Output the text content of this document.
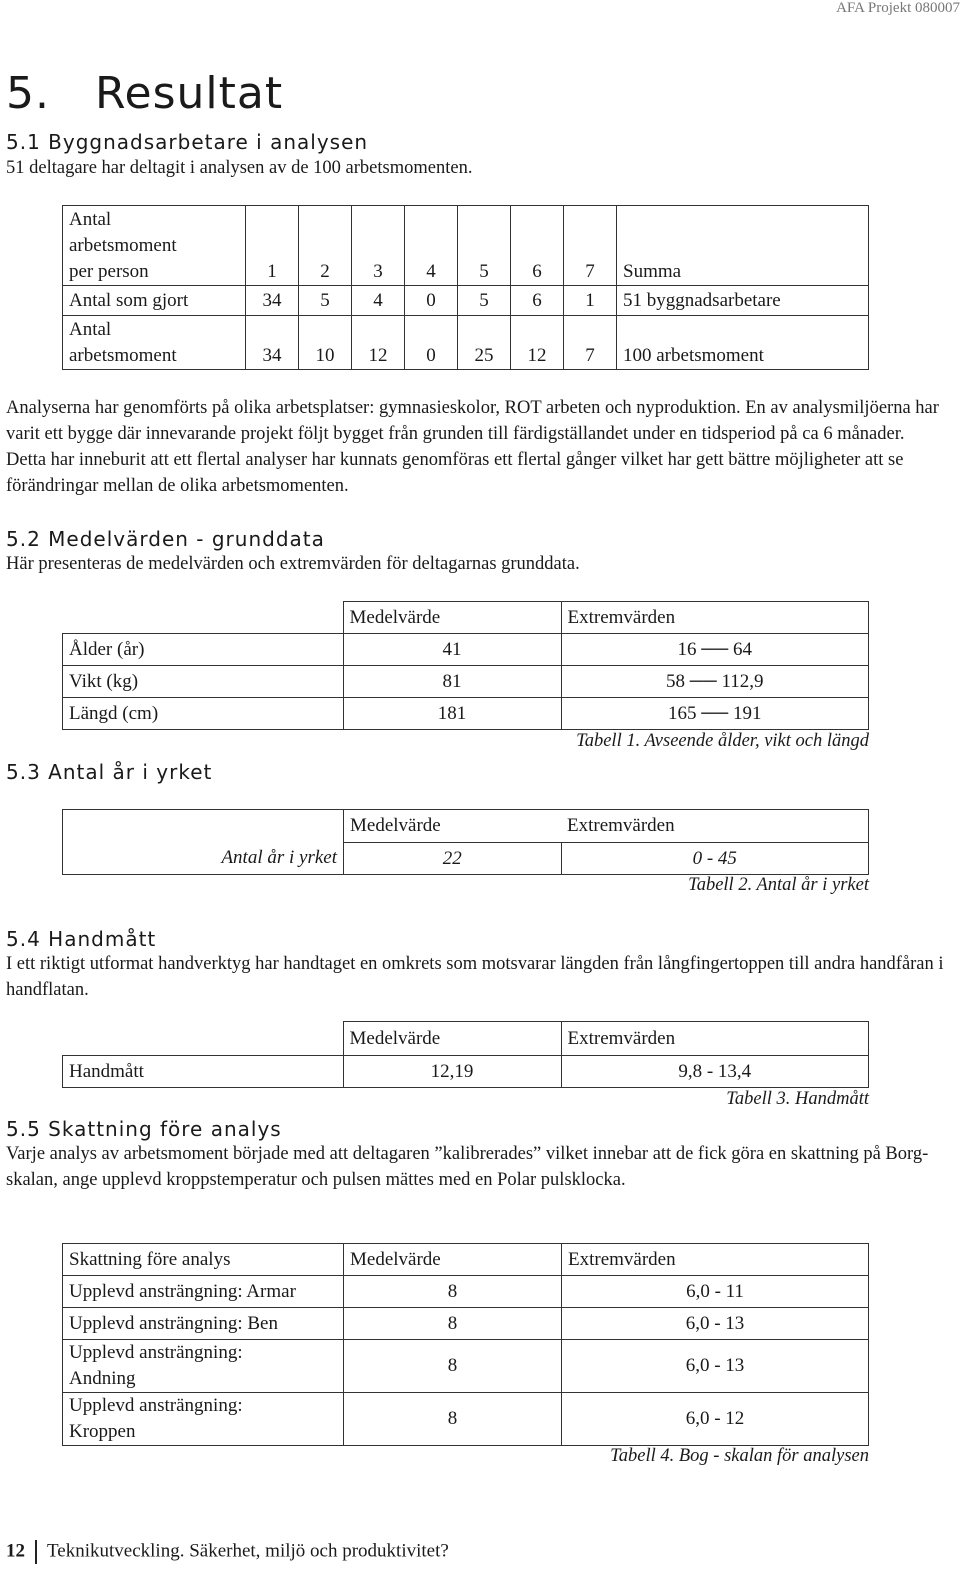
AFA Projekt 080007
5.   Resultat
5.1 Byggnadsarbetare i analysen
51 deltagare har deltagit i analysen av de 100 arbetsmomenten.
Antal
arbetsmoment
per person	1	2	3	4	5	6	7	Summa
Antal som gjort	34	5	4	0	5	6	1	51 byggnadsarbetare
Antal
arbetsmoment	34	10	12	0	25	12	7	100 arbetsmoment
Analyserna har genomförts på olika arbetsplatser: gymnasieskolor, ROT arbeten och nyproduktion. En av analysmiljöerna har varit ett bygge där innevarande projekt följt bygget från grunden till färdigställandet under en tidsperiod på ca 6 månader. Detta har inneburit att ett flertal analyser har kunnats genomföras ett flertal gånger vilket har gett bättre möjligheter att se förändringar mellan de olika arbetsmomenten.
5.2 Medelvärden - grunddata
Här presenteras de medelvärden och extremvärden för deltagarnas grunddata.
	Medelvärde	Extremvärden
Ålder (år)	41	16 ── 64
Vikt (kg)	81	58 ── 112,9
Längd (cm)	181	165 ── 191
Tabell 1. Avseende ålder, vikt och längd
5.3 Antal år i yrket
	Medelvärde	Extremvärden
Antal år i yrket	22	0 - 45
Tabell 2. Antal år i yrket
5.4 Handmått
I ett riktigt utformat handverktyg har handtaget en omkrets som motsvarar längden från långfingertoppen till andra handfåran i handflatan.
	Medelvärde	Extremvärden
Handmått	12,19	9,8 - 13,4
Tabell 3. Handmått
5.5 Skattning före analys
Varje analys av arbetsmoment började med att deltagaren ”kalibrerades” vilket innebar att de fick göra en skattning på Borg-skalan, ange upplevd kroppstemperatur och pulsen mättes med en Polar pulsklocka.
Skattning före analys	Medelvärde	Extremvärden
Upplevd ansträngning: Armar	8	6,0 - 11
Upplevd ansträngning: Ben	8	6,0 - 13
Upplevd ansträngning:
Andning	8	6,0 - 13
Upplevd ansträngning:
Kroppen	8	6,0 - 12
Tabell 4. Bog - skalan för analysen
12 Teknikutveckling. Säkerhet, miljö och produktivitet?
